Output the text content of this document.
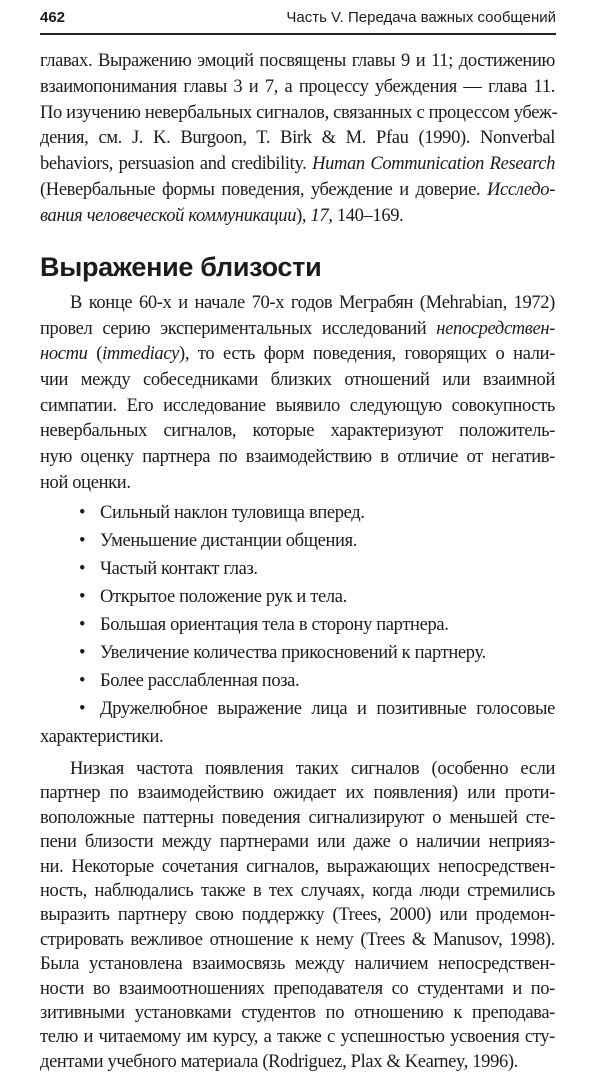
462	Часть V. Передача важных сообщений
главах. Выражению эмоций посвящены главы 9 и 11; достижению
взаимопонимания главы 3 и 7, а процессу убеждения — глава 11.
По изучению невербальных сигналов, связанных с процессом убеж-
дения, см. J. K. Burgoon, T. Birk & M. Pfau (1990). Nonverbal
behaviors, persuasion and credibility. Human Communication Research
(Невербальные формы поведения, убеждение и доверие. Исследо-
вания человеческой коммуникации), 17, 140–169.
Выражение близости
В конце 60-х и начале 70-х годов Меграбян (Mehrabian, 1972)
провел серию экспериментальных исследований непосредствен-
ности (immediacy), то есть форм поведения, говорящих о нали-
чии между собеседниками близких отношений или взаимной
симпатии. Его исследование выявило следующую совокупность
невербальных сигналов, которые характеризуют положитель-
ную оценку партнера по взаимодействию в отличие от негатив-
ной оценки.
• Сильный наклон туловища вперед.
• Уменьшение дистанции общения.
• Частый контакт глаз.
• Открытое положение рук и тела.
• Большая ориентация тела в сторону партнера.
• Увеличение количества прикосновений к партнеру.
• Более расслабленная поза.
• Дружелюбное выражение лица и позитивные голосовые
характеристики.
Низкая частота появления таких сигналов (особенно если
партнер по взаимодействию ожидает их появления) или проти-
воположные паттерны поведения сигнализируют о меньшей сте-
пени близости между партнерами или даже о наличии неприяз-
ни. Некоторые сочетания сигналов, выражающих непосредствен-
ность, наблюдались также в тех случаях, когда люди стремились
выразить партнеру свою поддержку (Trees, 2000) или продемон-
стрировать вежливое отношение к нему (Trees & Manusov, 1998).
Была установлена взаимосвязь между наличием непосредствен-
ности во взаимоотношениях преподавателя со студентами и по-
зитивными установками студентов по отношению к преподава-
телю и читаемому им курсу, а также с успешностью усвоения сту-
дентами учебного материала (Rodriguez, Plax & Kearney, 1996).
